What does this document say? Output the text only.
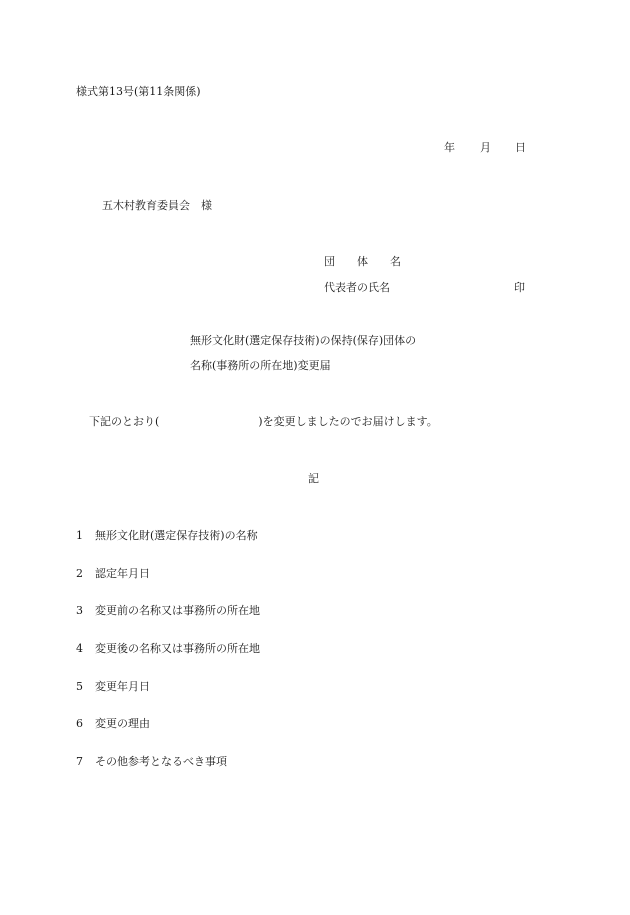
様式第13号(第11条関係)
年 月 日
五木村教育委員会　様
団　　体　　名
代表者の氏名	印
無形文化財(選定保存技術)の保持(保存)団体の
名称(事務所の所在地)変更届
下記のとおり(　　　　　　　　　)を変更しましたのでお届けします。
記
1 無形文化財(選定保存技術)の名称
2 認定年月日
3 変更前の名称又は事務所の所在地
4 変更後の名称又は事務所の所在地
5 変更年月日
6 変更の理由
7 その他参考となるべき事項
